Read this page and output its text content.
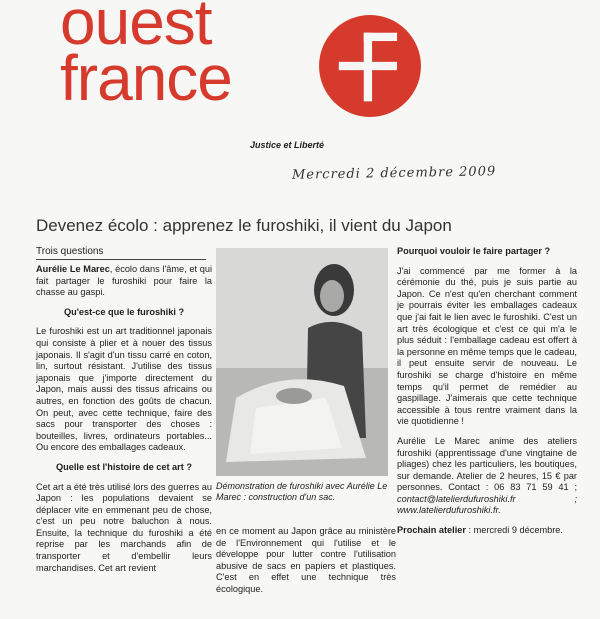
ouest
france
Justice et Liberté
Mercredi 2 décembre 2009
Devenez écolo : apprenez le furoshiki, il vient du Japon
Trois questions

Aurélie Le Marec, écolo dans l'âme, et qui fait partager le furoshiki pour faire la chasse au gaspi.

Qu'est-ce que le furoshiki ?

Le furoshiki est un art traditionnel japonais qui consiste à plier et à nouer des tissus japonais. Il s'agit d'un tissu carré en coton, lin, surtout résistant. J'utilise des tissus japonais que j'importe directement du Japon, mais aussi des tissus africains ou autres, en fonction des goûts de chacun. On peut, avec cette technique, faire des sacs pour transporter des choses : bouteilles, livres, ordinateurs portables... Ou encore des emballages cadeaux.

Quelle est l'histoire de cet art ?

Cet art a été très utilisé lors des guerres au Japon : les populations devaient se déplacer vite en emmenant peu de chose, c'est un peu notre baluchon à nous. Ensuite, la technique du furoshiki a été reprise par les marchands afin de transporter et d'embellir leurs marchandises. Cet art revient

Démonstration de furoshiki avec Aurélie Le Marec : construction d'un sac.

en ce moment au Japon grâce au ministère de l'Environnement qui l'utilise et le développe pour lutter contre l'utilisation abusive de sacs en papiers et plastiques. C'est en effet une technique très écologique.

Pourquoi vouloir le faire partager ?

J'ai commencé par me former à la cérémonie du thé, puis je suis partie au Japon. Ce n'est qu'en cherchant comment je pourrais éviter les emballages cadeaux que j'ai fait le lien avec le furoshiki. C'est un art très écologique et c'est ce qui m'a le plus séduit : l'emballage cadeau est offert à la personne en même temps que le cadeau, il peut ensuite servir de nouveau. Le furoshiki se charge d'histoire en même temps qu'il permet de remédier au gaspillage. J'aimerais que cette technique accessible à tous rentre vraiment dans la vie quotidienne !

Aurélie Le Marec anime des ateliers furoshiki (apprentissage d'une vingtaine de pliages) chez les particuliers, les boutiques, sur demande. Atelier de 2 heures, 15 € par personnes. Contact : 06 83 71 59 41 ; contact@latelierdufuroshiki.fr ; www.latelierdufuroshiki.fr.

Prochain atelier : mercredi 9 décembre.
